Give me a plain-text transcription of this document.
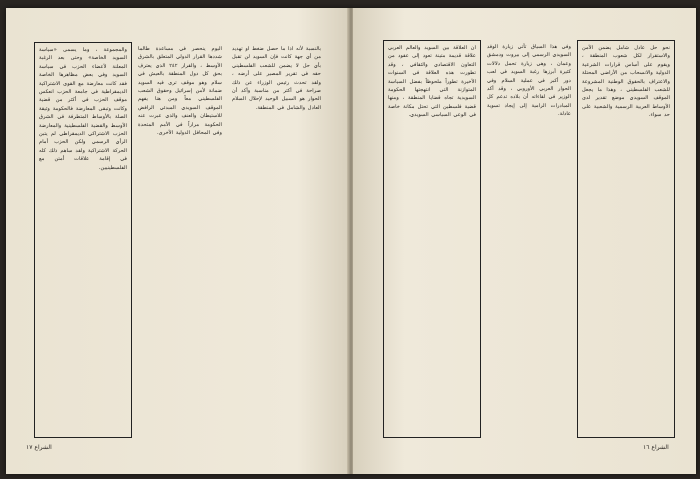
والمجموعة ، وما يسمى «سياسة السويد الخاصة» وحتى بعد الرغبة المعلنة لأعضاء الحزب في سياسة السويد وفي بعض مظاهرها الخاصة فقد كانت معارضة مع القوى الاشتراكية الديمقراطية في جامعة الحزب انعكس موقف الحزب في أكثر من قضية وكانت وتبقى المعارضة فالحكومة وثيقة الصلة بالأوساط المتطرفة في الشرق الأوسط والقضية الفلسطينية والمعارضة الحزب الاشتراكي الديمقراطي لم يتبن الرأي الرسمي ولكن الحزب أمام الحركة الاشتراكية ولقد ساهم ذلك كله في إقامة علاقات أمتن مع الفلسطينيين.
اليوم ينحصر في مساعدة طالما شددها القرار الدولي المتعلق بالشرق الأوسط ، والقرار ٢٤٢ الذي يعترف بحق كل دول المنطقة بالعيش في سلام وهو موقف ترى فيه السويد ضمانة لأمن إسرائيل وحقوق الشعب الفلسطيني معاً ومن هنا يفهم الموقف السويدي المبدئي الرافض للاستيطان والعنف والذي عبرت عنه الحكومة مراراً في الأمم المتحدة وفي المحافل الدولية الأخرى.
بالنسبة لأنه اذا ما حصل ضغط او تهديد من أي جهة كانت فإن السويد لن تقبل بأي حل لا يضمن للشعب الفلسطيني حقه في تقرير المصير على أرضه ، ولقد تحدث رئيس الوزراء عن ذلك صراحة في أكثر من مناسبة وأكد أن الحوار هو السبيل الوحيد لإحلال السلام العادل والشامل في المنطقة.
الشراع ١٧
ان العلاقة بين السويد والعالم العربي علاقة قديمة متينة تعود إلى عقود من التعاون الاقتصادي والثقافي ، وقد تطورت هذه العلاقة في السنوات الأخيرة تطوراً ملحوظاً بفضل السياسة المتوازنة التي انتهجتها الحكومة السويدية تجاه قضايا المنطقة ، ومنها قضية فلسطين التي تحتل مكانة خاصة في الوعي السياسي السويدي.
وفي هذا السياق تأتي زيارة الوفد السويدي الرسمي إلى بيروت ودمشق وعمان ، وهي زيارة تحمل دلالات كثيرة أبرزها رغبة السويد في لعب دور أكبر في عملية السلام وفي الحوار العربي الأوروبي ، وقد أكد الوزير في لقاءاته أن بلاده تدعم كل المبادرات الرامية إلى إيجاد تسوية عادلة.
نحو حل عادل شامل يضمن الأمن والاستقرار لكل شعوب المنطقة ، ويقوم على أساس قرارات الشرعية الدولية والانسحاب من الأراضي المحتلة والاعتراف بالحقوق الوطنية المشروعة للشعب الفلسطيني ، وهذا ما يجعل الموقف السويدي موضع تقدير لدى الأوساط العربية الرسمية والشعبية على حد سواء.
الشراع ١٦
